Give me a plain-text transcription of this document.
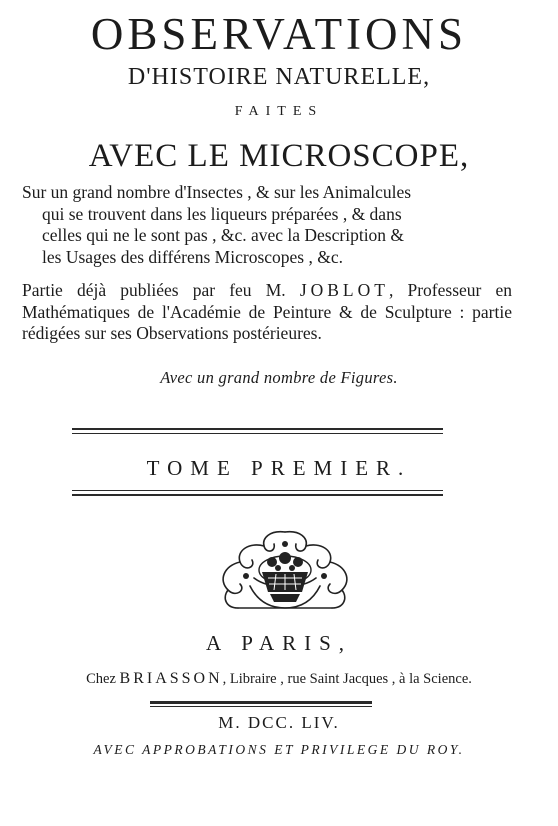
OBSERVATIONS
D'HISTOIRE NATURELLE,
FAITES
AVEC LE MICROSCOPE,
Sur un grand nombre d'Insectes , & sur les Animalcules
qui se trouvent dans les liqueurs préparées , & dans
celles qui ne le sont pas , &c. avec la Description &
les Usages des différens Microscopes , &c.
Partie déjà publiées par feu M. JOBLOT, Professeur en Mathématiques de l'Académie de Peinture & de Sculpture : partie rédigées sur ses Observations postérieures.
Avec un grand nombre de Figures.
TOME PREMIER.
A PARIS,
Chez BRIASSON, Libraire , rue Saint Jacques , à la Science.
M. DCC. LIV.
AVEC APPROBATIONS ET PRIVILEGE DU ROY.
